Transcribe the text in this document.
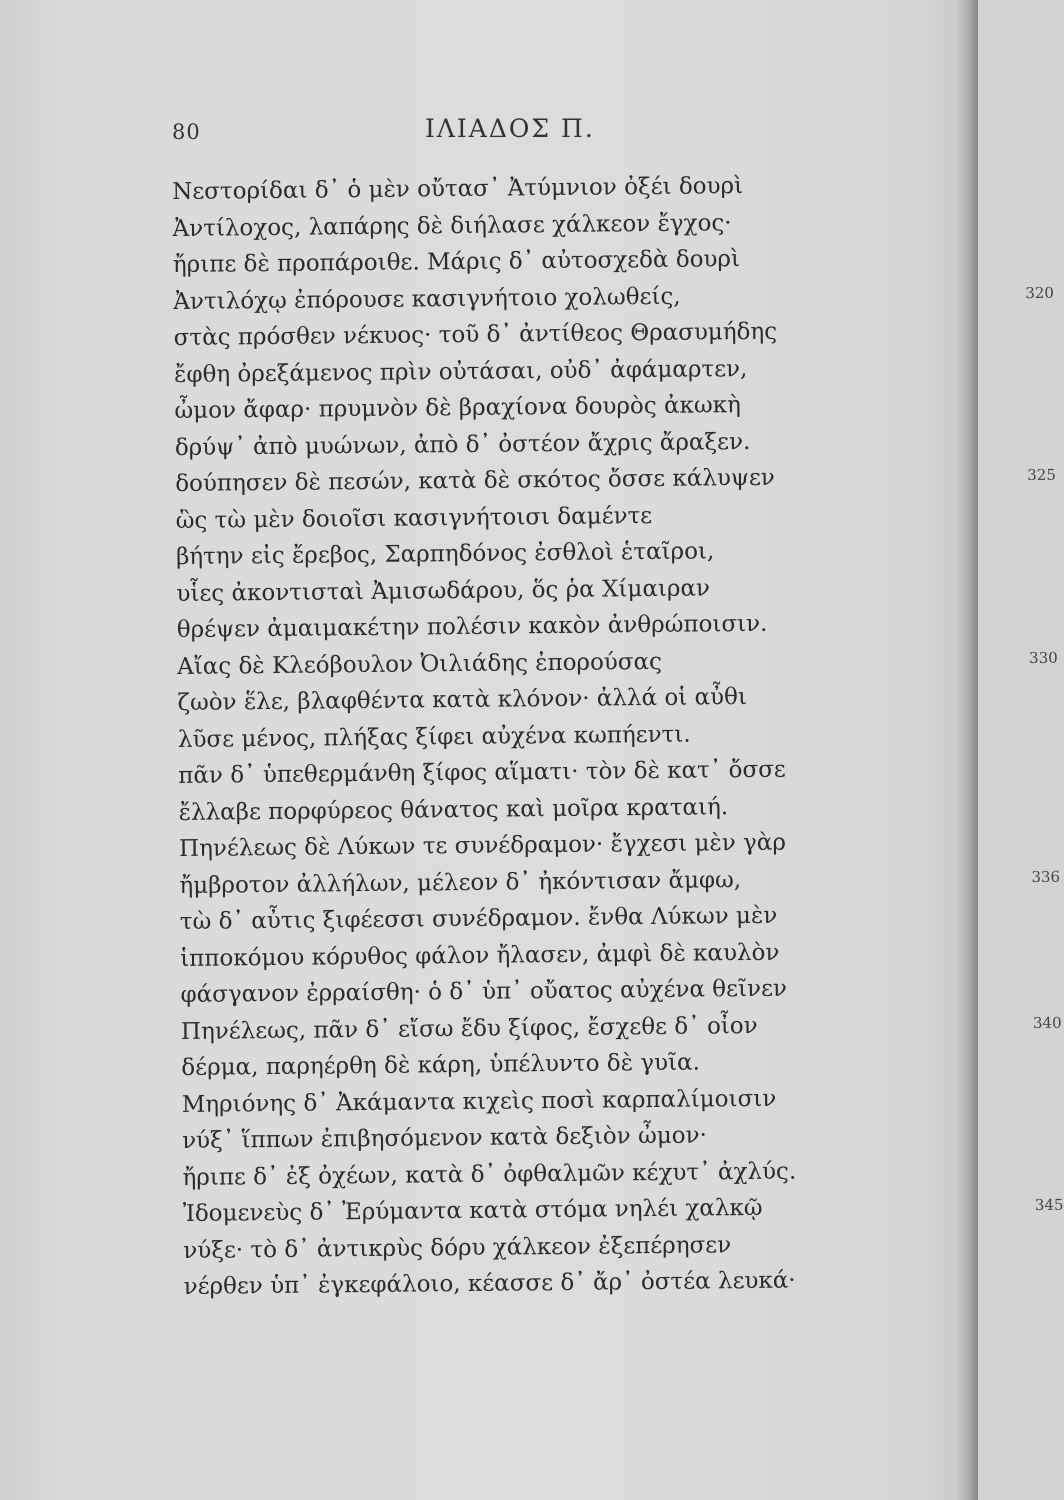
80	ΙΛΙΑΔΟΣ Π.
Νεστορίδαι δ᾽ ὁ μὲν οὔτασ᾽ Ἀτύμνιον ὀξέι δουρὶ
Ἀντίλοχος, λαπάρης δὲ διήλασε χάλκεον ἔγχος·
ἤριπε δὲ προπάροιθε. Μάρις δ᾽ αὐτοσχεδὰ δουρὶ
Ἀντιλόχῳ ἐπόρουσε κασιγνήτοιο χολωθείς,	320
στὰς πρόσθεν νέκυος· τοῦ δ᾽ ἀντίθεος Θρασυμήδης
ἔφθη ὀρεξάμενος πρὶν οὐτάσαι, οὐδ᾽ ἀφάμαρτεν,
ὦμον ἄφαρ· πρυμνὸν δὲ βραχίονα δουρὸς ἀκωκὴ
δρύψ᾽ ἀπὸ μυώνων, ἀπὸ δ᾽ ὀστέον ἄχρις ἄραξεν.
δούπησεν δὲ πεσών, κατὰ δὲ σκότος ὄσσε κάλυψεν	325
ὣς τὼ μὲν δοιοῖσι κασιγνήτοισι δαμέντε
βήτην εἰς ἔρεβος, Σαρπηδόνος ἐσθλοὶ ἑταῖροι,
υἷες ἀκοντισταὶ Ἀμισωδάρου, ὅς ῥα Χίμαιραν
θρέψεν ἀμαιμακέτην πολέσιν κακὸν ἀνθρώποισιν.
Αἴας δὲ Κλεόβουλον Ὀιλιάδης ἐπορούσας	330
ζωὸν ἕλε, βλαφθέντα κατὰ κλόνον· ἀλλά οἱ αὖθι
λῦσε μένος, πλήξας ξίφει αὐχένα κωπήεντι.
πᾶν δ᾽ ὑπεθερμάνθη ξίφος αἵματι· τὸν δὲ κατ᾽ ὄσσε
ἔλλαβε πορφύρεος θάνατος καὶ μοῖρα κραταιή.
Πηνέλεως δὲ Λύκων τε συνέδραμον· ἔγχεσι μὲν γὰρ
ἤμβροτον ἀλλήλων, μέλεον δ᾽ ἠκόντισαν ἄμφω,	336
τὼ δ᾽ αὖτις ξιφέεσσι συνέδραμον. ἔνθα Λύκων μὲν
ἱπποκόμου κόρυθος φάλον ἤλασεν, ἀμφὶ δὲ καυλὸν
φάσγανον ἐρραίσθη· ὁ δ᾽ ὑπ᾽ οὔατος αὐχένα θεῖνεν
Πηνέλεως, πᾶν δ᾽ εἴσω ἔδυ ξίφος, ἔσχεθε δ᾽ οἶον	340
δέρμα, παρηέρθη δὲ κάρη, ὑπέλυντο δὲ γυῖα.
Μηριόνης δ᾽ Ἀκάμαντα κιχεὶς ποσὶ καρπαλίμοισιν
νύξ᾽ ἵππων ἐπιβησόμενον κατὰ δεξιὸν ὦμον·
ἤριπε δ᾽ ἐξ ὀχέων, κατὰ δ᾽ ὀφθαλμῶν κέχυτ᾽ ἀχλύς.
Ἰδομενεὺς δ᾽ Ἐρύμαντα κατὰ στόμα νηλέι χαλκῷ	345
νύξε· τὸ δ᾽ ἀντικρὺς δόρυ χάλκεον ἐξεπέρησεν
νέρθεν ὑπ᾽ ἐγκεφάλοιο, κέασσε δ᾽ ἄρ᾽ ὀστέα λευκά·
